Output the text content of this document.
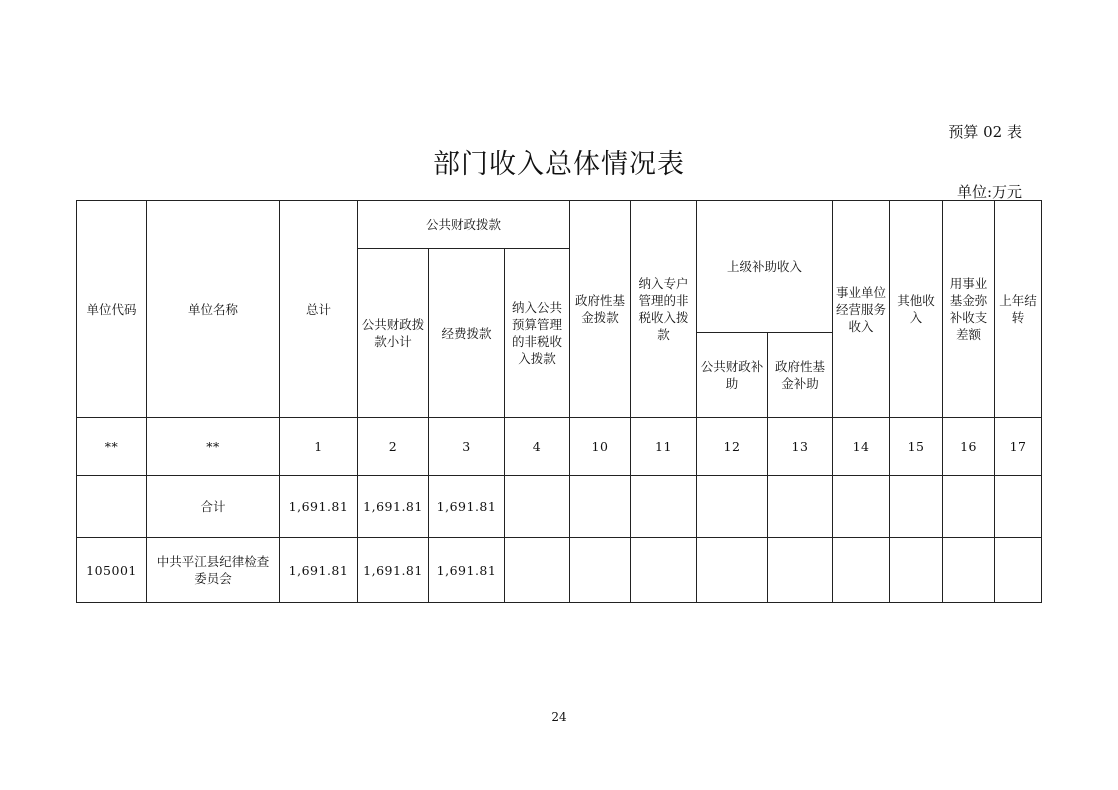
预算 02 表
部门收入总体情况表
单位:万元
单位代码	单位名称	总计	公共财政拨款			政府性基金拨款	纳入专户管理的非税收入拨款	上级补助收入		事业单位经营服务收入	其他收入	用事业基金弥补收支差额	上年结转
			公共财政拨款小计	经费拨款	纳入公共预算管理的非税收入拨款								
								公共财政补助	政府性基金补助				
**	**	1	2	3	4	10	11	12	13	14	15	16	17
	合计	1,691.81	1,691.81	1,691.81									
105001	中共平江县纪律检查委员会	1,691.81	1,691.81	1,691.81									
24
